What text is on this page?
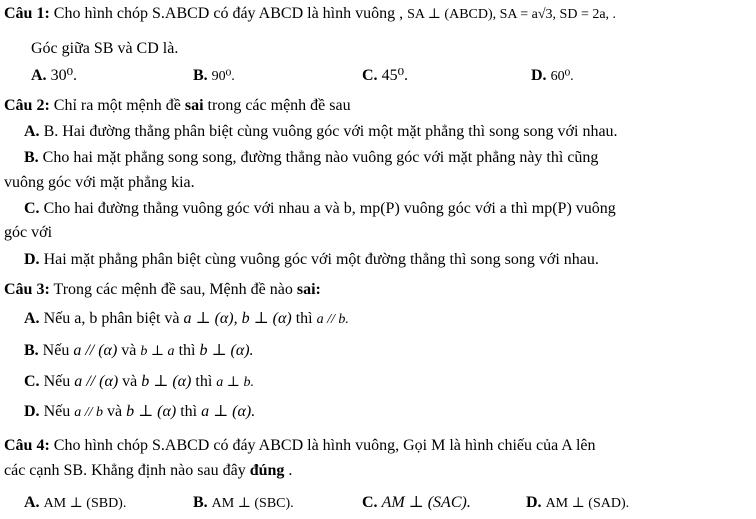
Câu 1: Cho hình chóp S.ABCD có đáy ABCD là hình vuông , SA ⊥ (ABCD), SA = a√3, SD = 2a, .
Góc giữa SB và CD là.
A. 30⁰.	B. 90⁰.	C. 45⁰.	D. 60⁰.
Câu 2: Chỉ ra một mệnh đề sai trong các mệnh đề sau
A. B. Hai đường thẳng phân biệt cùng vuông góc với một mặt phẳng thì song song với nhau.
B. Cho hai mặt phẳng song song, đường thẳng nào vuông góc với mặt phẳng này thì cũng
vuông góc với mặt phẳng kia.
C. Cho hai đường thẳng vuông góc với nhau a và b, mp(P) vuông góc với a thì mp(P) vuông
góc với
D. Hai mặt phẳng phân biệt cùng vuông góc với một đường thẳng thì song song với nhau.
Câu 3: Trong các mệnh đề sau, Mệnh đề nào sai:
A. Nếu a, b phân biệt và a ⊥ (α), b ⊥ (α) thì a // b.
B. Nếu a // (α) và b ⊥ a thì b ⊥ (α).
C. Nếu a // (α) và b ⊥ (α) thì a ⊥ b.
D. Nếu a // b và b ⊥ (α) thì a ⊥ (α).
Câu 4: Cho hình chóp S.ABCD có đáy ABCD là hình vuông, Gọi M là hình chiếu của A lên
các cạnh SB. Khẳng định nào sau đây đúng .
A. AM ⊥ (SBD).	B. AM ⊥ (SBC).	C. AM ⊥ (SAC).	D. AM ⊥ (SAD).
